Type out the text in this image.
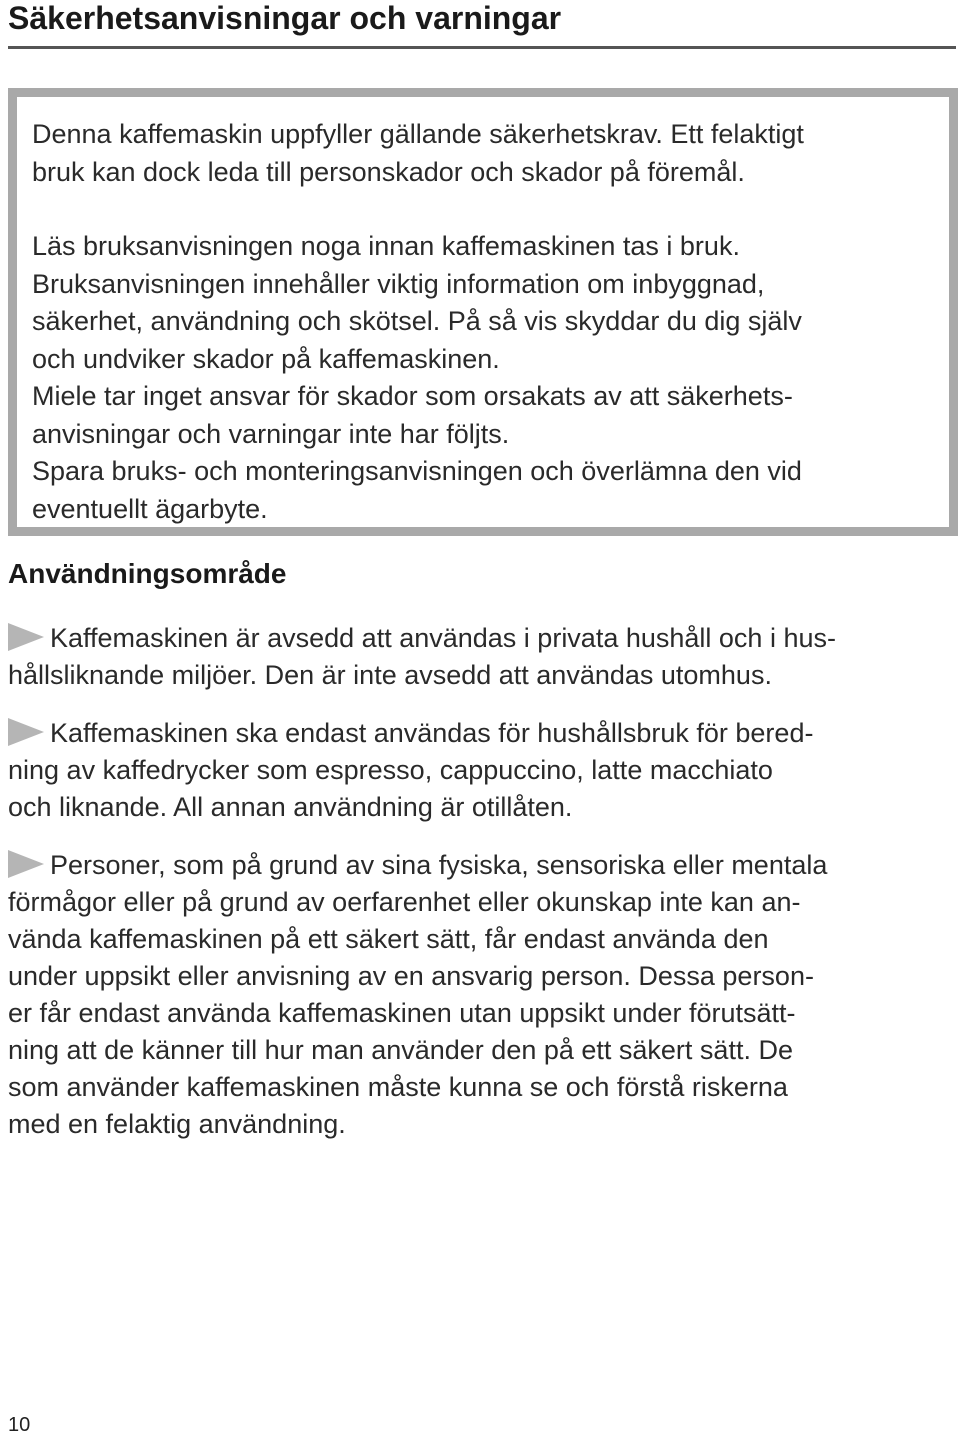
Säkerhetsanvisningar och varningar

Denna kaffemaskin uppfyller gällande säkerhetskrav. Ett felaktigt
bruk kan dock leda till personskador och skador på föremål.

Läs bruksanvisningen noga innan kaffemaskinen tas i bruk.
Bruksanvisningen innehåller viktig information om inbyggnad,
säkerhet, användning och skötsel. På så vis skyddar du dig själv
och undviker skador på kaffemaskinen.
Miele tar inget ansvar för skador som orsakats av att säkerhets-
anvisningar och varningar inte har följts.
Spara bruks- och monteringsanvisningen och överlämna den vid
eventuellt ägarbyte.

Användningsområde

Kaffemaskinen är avsedd att användas i privata hushåll och i hus-
hållsliknande miljöer. Den är inte avsedd att användas utomhus.

Kaffemaskinen ska endast användas för hushållsbruk för bered-
ning av kaffedrycker som espresso, cappuccino, latte macchiato
och liknande. All annan användning är otillåten.

Personer, som på grund av sina fysiska, sensoriska eller mentala
förmågor eller på grund av oerfarenhet eller okunskap inte kan an-
vända kaffemaskinen på ett säkert sätt, får endast använda den
under uppsikt eller anvisning av en ansvarig person. Dessa person-
er får endast använda kaffemaskinen utan uppsikt under förutsätt-
ning att de känner till hur man använder den på ett säkert sätt. De
som använder kaffemaskinen måste kunna se och förstå riskerna
med en felaktig användning.

10
